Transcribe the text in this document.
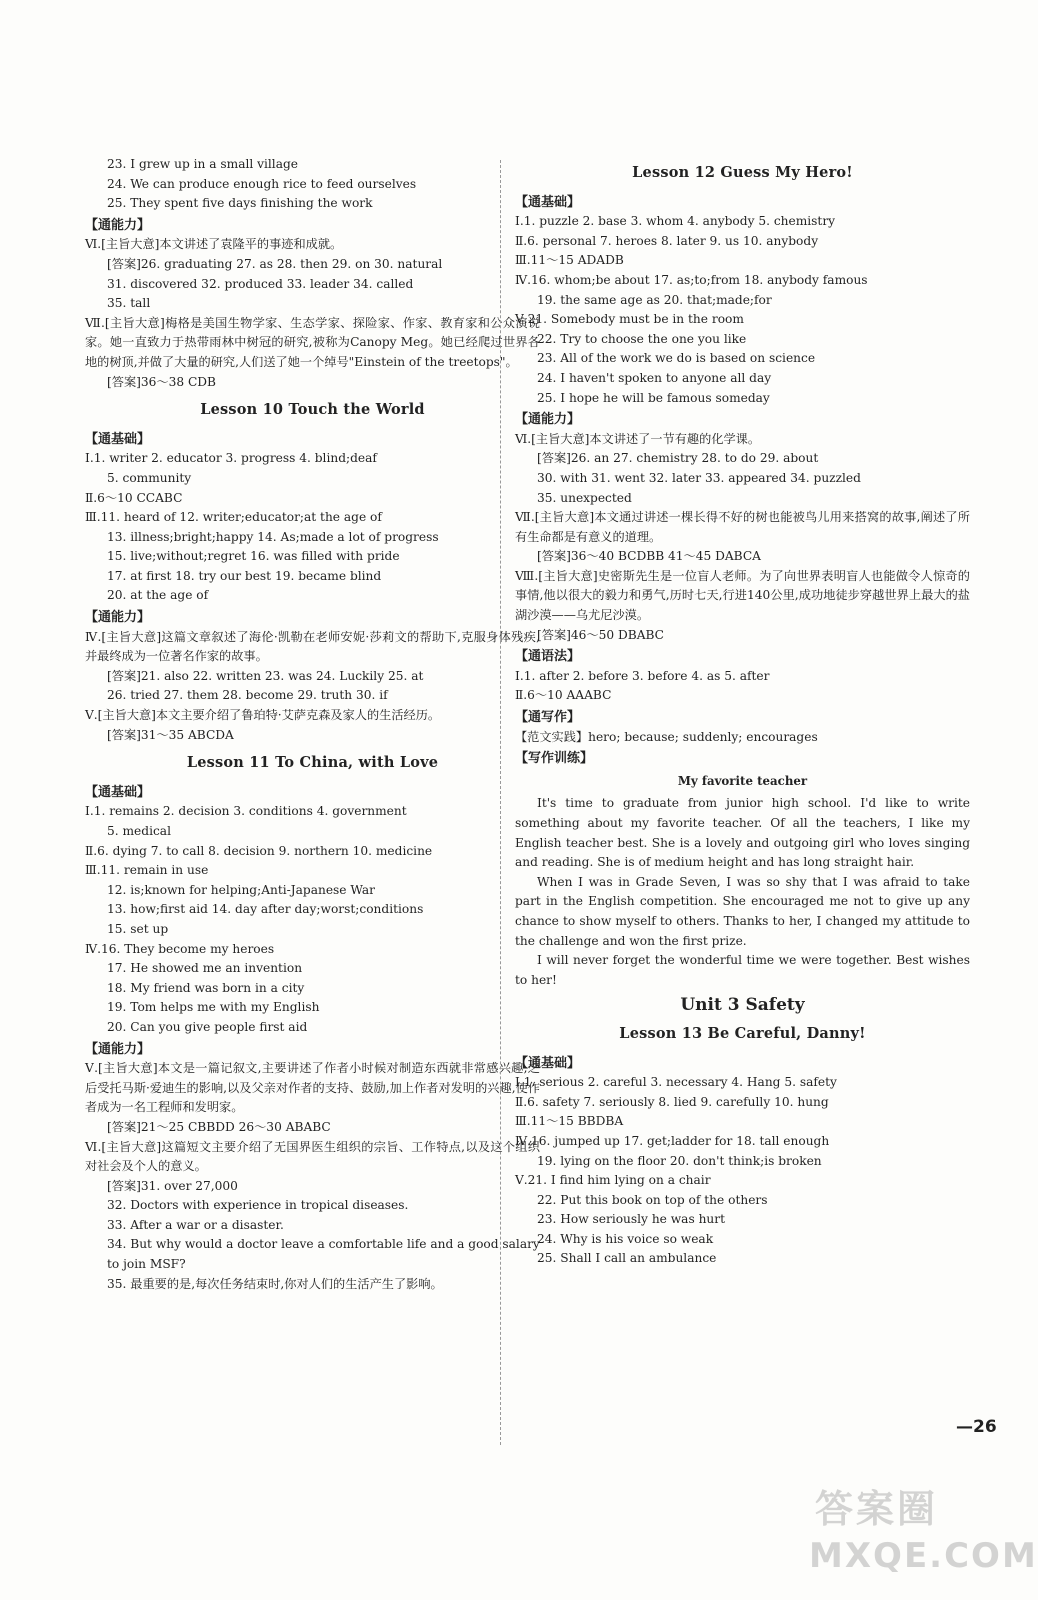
23. I grew up in a small village
24. We can produce enough rice to feed ourselves
25. They spent five days finishing the work
【通能力】
Ⅵ.[主旨大意]本文讲述了袁隆平的事迹和成就。
[答案]26. graduating 27. as 28. then 29. on 30. natural
31. discovered 32. produced 33. leader 34. called
35. tall
Ⅶ.[主旨大意]梅格是美国生物学家、生态学家、探险家、作家、教育家和公众演说家。她一直致力于热带雨林中树冠的研究,被称为Canopy Meg。她已经爬过世界各地的树顶,并做了大量的研究,人们送了她一个绰号"Einstein of the treetops"。
[答案]36～38 CDB
Lesson 10 Touch the World
【通基础】
Ⅰ.1. writer 2. educator 3. progress 4. blind;deaf
5. community
Ⅱ.6～10 CCABC
Ⅲ.11. heard of 12. writer;educator;at the age of
13. illness;bright;happy 14. As;made a lot of progress
15. live;without;regret 16. was filled with pride
17. at first 18. try our best 19. became blind
20. at the age of
【通能力】
Ⅳ.[主旨大意]这篇文章叙述了海伦·凯勒在老师安妮·莎莉文的帮助下,克服身体残疾,并最终成为一位著名作家的故事。
[答案]21. also 22. written 23. was 24. Luckily 25. at
26. tried 27. them 28. become 29. truth 30. if
Ⅴ.[主旨大意]本文主要介绍了鲁珀特·艾萨克森及家人的生活经历。
[答案]31～35 ABCDA
Lesson 11 To China, with Love
【通基础】
Ⅰ.1. remains 2. decision 3. conditions 4. government
5. medical
Ⅱ.6. dying 7. to call 8. decision 9. northern 10. medicine
Ⅲ.11. remain in use
12. is;known for helping;Anti-Japanese War
13. how;first aid 14. day after day;worst;conditions
15. set up
Ⅳ.16. They become my heroes
17. He showed me an invention
18. My friend was born in a city
19. Tom helps me with my English
20. Can you give people first aid
【通能力】
Ⅴ.[主旨大意]本文是一篇记叙文,主要讲述了作者小时候对制造东西就非常感兴趣,之后受托马斯·爱迪生的影响,以及父亲对作者的支持、鼓励,加上作者对发明的兴趣,使作者成为一名工程师和发明家。
[答案]21～25 CBBDD 26～30 ABABC
Ⅵ.[主旨大意]这篇短文主要介绍了无国界医生组织的宗旨、工作特点,以及这个组织对社会及个人的意义。
[答案]31. over 27,000
32. Doctors with experience in tropical diseases.
33. After a war or a disaster.
34. But why would a doctor leave a comfortable life and a good salary to join MSF?
35. 最重要的是,每次任务结束时,你对人们的生活产生了影响。
Lesson 12 Guess My Hero!
【通基础】
Ⅰ.1. puzzle 2. base 3. whom 4. anybody 5. chemistry
Ⅱ.6. personal 7. heroes 8. later 9. us 10. anybody
Ⅲ.11～15 ADADB
Ⅳ.16. whom;be about 17. as;to;from 18. anybody famous
19. the same age as 20. that;made;for
Ⅴ.21. Somebody must be in the room
22. Try to choose the one you like
23. All of the work we do is based on science
24. I haven't spoken to anyone all day
25. I hope he will be famous someday
【通能力】
Ⅵ.[主旨大意]本文讲述了一节有趣的化学课。
[答案]26. an 27. chemistry 28. to do 29. about
30. with 31. went 32. later 33. appeared 34. puzzled
35. unexpected
Ⅶ.[主旨大意]本文通过讲述一棵长得不好的树也能被鸟儿用来搭窝的故事,阐述了所有生命都是有意义的道理。
[答案]36～40 BCDBB 41～45 DABCA
Ⅷ.[主旨大意]史密斯先生是一位盲人老师。为了向世界表明盲人也能做令人惊奇的事情,他以很大的毅力和勇气,历时七天,行进140公里,成功地徒步穿越世界上最大的盐湖沙漠——乌尤尼沙漠。
[答案]46～50 DBABC
【通语法】
Ⅰ.1. after 2. before 3. before 4. as 5. after
Ⅱ.6～10 AAABC
【通写作】
【范文实践】hero; because; suddenly; encourages
【写作训练】
My favorite teacher
It's time to graduate from junior high school. I'd like to write something about my favorite teacher. Of all the teachers, I like my English teacher best. She is a lovely and outgoing girl who loves singing and reading. She is of medium height and has long straight hair.
When I was in Grade Seven, I was so shy that I was afraid to take part in the English competition. She encouraged me not to give up any chance to show myself to others. Thanks to her, I changed my attitude to the challenge and won the first prize.
I will never forget the wonderful time we were together. Best wishes to her!
Unit 3 Safety
Lesson 13 Be Careful, Danny!
【通基础】
Ⅰ.1. serious 2. careful 3. necessary 4. Hang 5. safety
Ⅱ.6. safety 7. seriously 8. lied 9. carefully 10. hung
Ⅲ.11～15 BBDBA
Ⅳ.16. jumped up 17. get;ladder for 18. tall enough
19. lying on the floor 20. don't think;is broken
Ⅴ.21. I find him lying on a chair
22. Put this book on top of the others
23. How seriously he was hurt
24. Why is his voice so weak
25. Shall I call an ambulance
—26
答案圈
MXQE.COM
